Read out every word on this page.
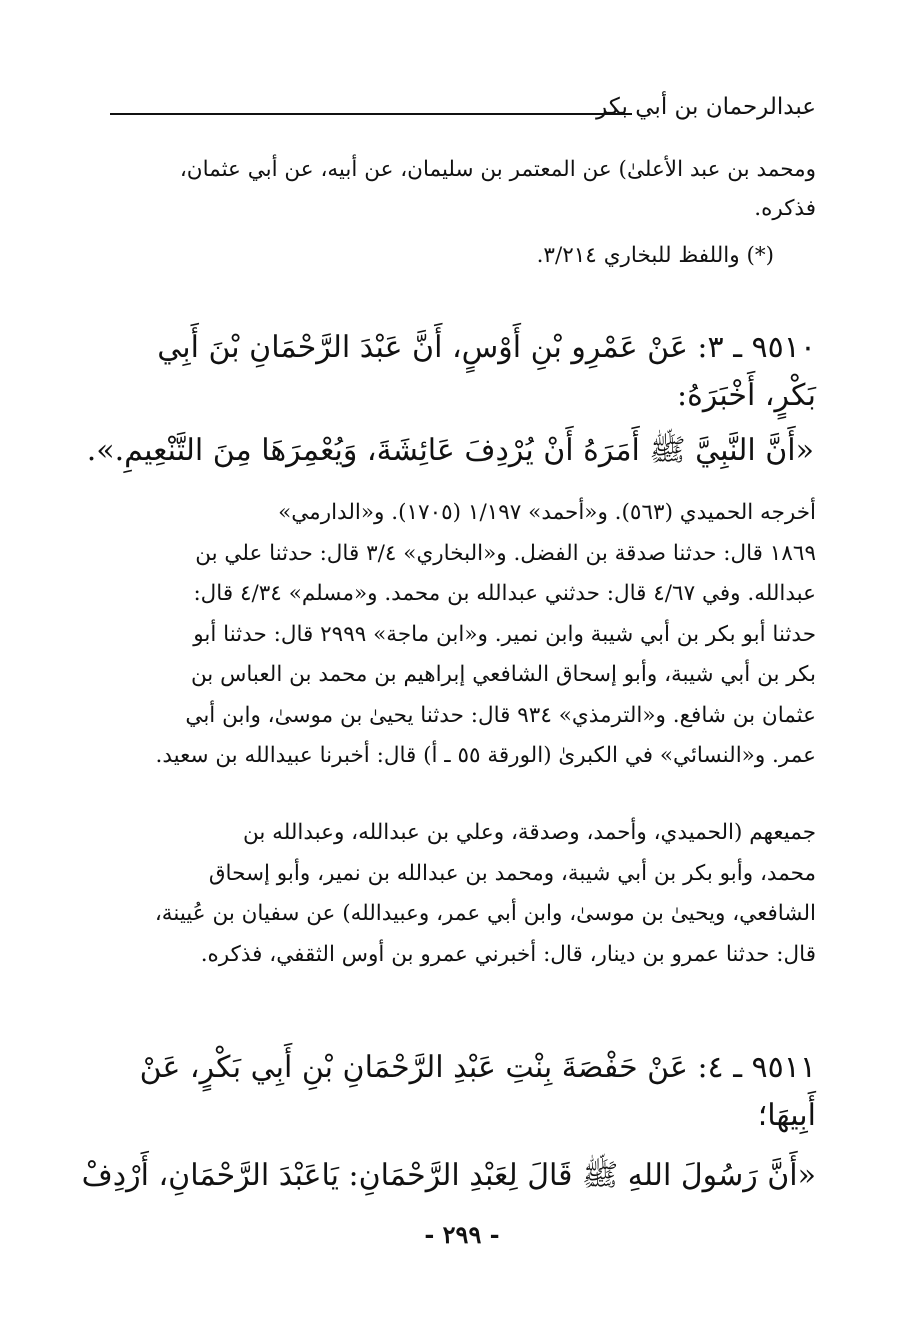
عبدالرحمان بن أبي بكر
ومحمد بن عبد الأعلىٰ) عن المعتمر بن سليمان، عن أبيه، عن أبي عثمان،
فذكره.
(*) واللفظ للبخاري ٣/٢١٤.
٩٥١٠ ـ ٣: عَنْ عَمْرِو بْنِ أَوْسٍ، أَنَّ عَبْدَ الرَّحْمَانِ بْنَ أَبِي
بَكْرٍ، أَخْبَرَهُ:
«أَنَّ النَّبِيَّ ﷺ أَمَرَهُ أَنْ يُرْدِفَ عَائِشَةَ، وَيُعْمِرَهَا مِنَ التَّنْعِيمِ.».
أخرجه الحميدي (٥٦٣). و«أحمد» ١/١٩٧ (١٧٠٥). و«الدارمي»
١٨٦٩ قال: حدثنا صدقة بن الفضل. و«البخاري» ٣/٤ قال: حدثنا علي بن
عبدالله. وفي ٤/٦٧ قال: حدثني عبدالله بن محمد. و«مسلم» ٤/٣٤ قال:
حدثنا أبو بكر بن أبي شيبة وابن نمير. و«ابن ماجة» ٢٩٩٩ قال: حدثنا أبو
بكر بن أبي شيبة، وأبو إسحاق الشافعي إبراهيم بن محمد بن العباس بن
عثمان بن شافع. و«الترمذي» ٩٣٤ قال: حدثنا يحيىٰ بن موسىٰ، وابن أبي
عمر. و«النسائي» في الكبرىٰ (الورقة ٥٥ ـ أ) قال: أخبرنا عبيدالله بن سعيد.
جميعهم (الحميدي، وأحمد، وصدقة، وعلي بن عبدالله، وعبدالله بن
محمد، وأبو بكر بن أبي شيبة، ومحمد بن عبدالله بن نمير، وأبو إسحاق
الشافعي، ويحيىٰ بن موسىٰ، وابن أبي عمر، وعبيدالله) عن سفيان بن عُيينة،
قال: حدثنا عمرو بن دينار، قال: أخبرني عمرو بن أوس الثقفي، فذكره.
٩٥١١ ـ ٤: عَنْ حَفْصَةَ بِنْتِ عَبْدِ الرَّحْمَانِ بْنِ أَبِي بَكْرٍ، عَنْ
أَبِيهَا؛
«أَنَّ رَسُولَ اللهِ ﷺ قَالَ لِعَبْدِ الرَّحْمَانِ: يَاعَبْدَ الرَّحْمَانِ، أَرْدِفْ
- ٢٩٩ -
